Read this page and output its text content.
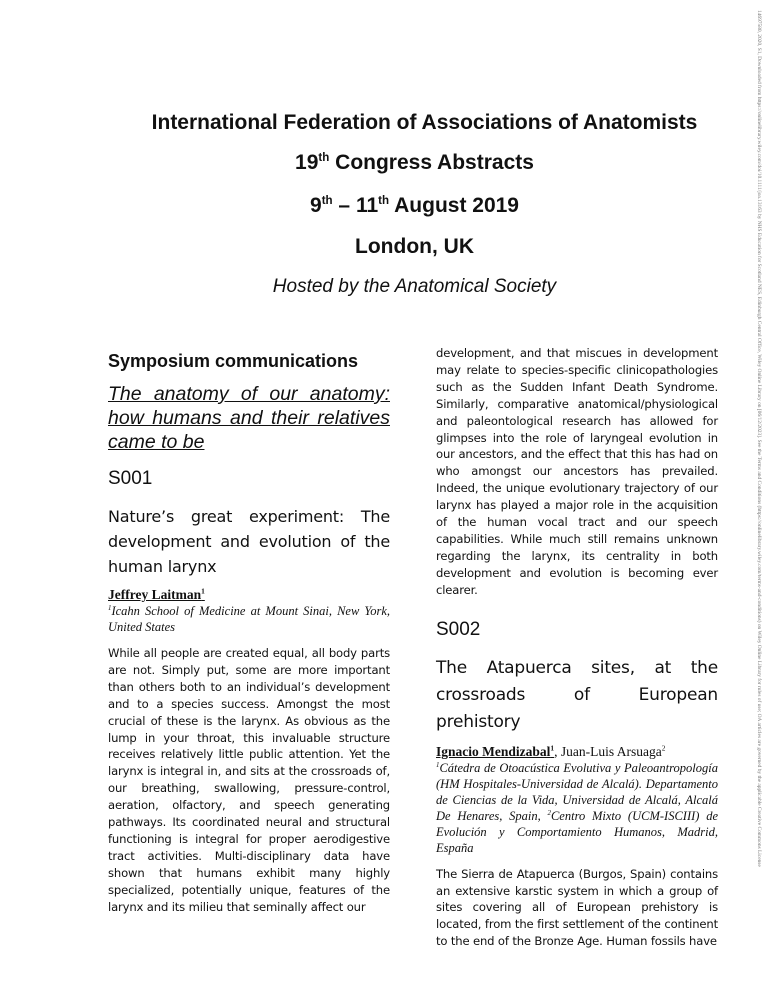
International Federation of Associations of Anatomists
19th Congress Abstracts
9th – 11th August 2019
London, UK
Hosted by the Anatomical Society
Symposium communications
The anatomy of our anatomy: how humans and their relatives came to be
S001
Nature’s great experiment: The development and evolution of the human larynx
Jeffrey Laitman$^1$
$^1$Icahn School of Medicine at Mount Sinai, New York, United States

While all people are created equal, all body parts are not. Simply put, some are more important than others both to an individual’s development and to a species success. Amongst the most crucial of these is the larynx. As obvious as the lump in your throat, this invaluable structure receives relatively little public attention. Yet the larynx is integral in, and sits at the crossroads of, our breathing, swallowing, pressure-control, aeration, olfactory, and speech generating pathways. Its coordinated neural and structural functioning is integral for proper aerodigestive tract activities. Multi-disciplinary data have shown that humans exhibit many highly specialized, potentially unique, features of the larynx and its milieu that seminally affect our

development, and that miscues in development may relate to species-specific clinicopathologies such as the Sudden Infant Death Syndrome. Similarly, comparative anatomical/physiological and paleontological research has allowed for glimpses into the role of laryngeal evolution in our ancestors, and the effect that this has had on who amongst our ancestors has prevailed. Indeed, the unique evolutionary trajectory of our larynx has played a major role in the acquisition of the human vocal tract and our speech capabilities. While much still remains unknown regarding the larynx, its centrality in both development and evolution is becoming ever clearer.

S002
The Atapuerca sites, at the crossroads of European prehistory
Ignacio Mendizabal$^1$, Juan-Luis Arsuaga$^2$
$^1$Cátedra de Otoacústica Evolutiva y Paleoantropología (HM Hospitales-Universidad de Alcalá). Departamento de Ciencias de la Vida, Universidad de Alcalá, Alcalá De Henares, Spain, $^2$Centro Mixto (UCM-ISCIII) de Evolución y Comportamiento Humanos, Madrid, España

The Sierra de Atapuerca (Burgos, Spain) contains an extensive karstic system in which a group of sites covering all of European prehistory is located, from the first settlement of the continent to the end of the Bronze Age. Human fossils have

14697580, 2020, S1, Downloaded from https://onlinelibrary.wiley.com/doi/10.1111/joa.13163 by NHS Education for Scotland NES, Edinburgh Central Office, Wiley Online Library on [06/12/2023]. See the Terms and Conditions (https://onlinelibrary.wiley.com/terms-and-conditions) on Wiley Online Library for rules of use; OA articles are governed by the applicable Creative Commons License
